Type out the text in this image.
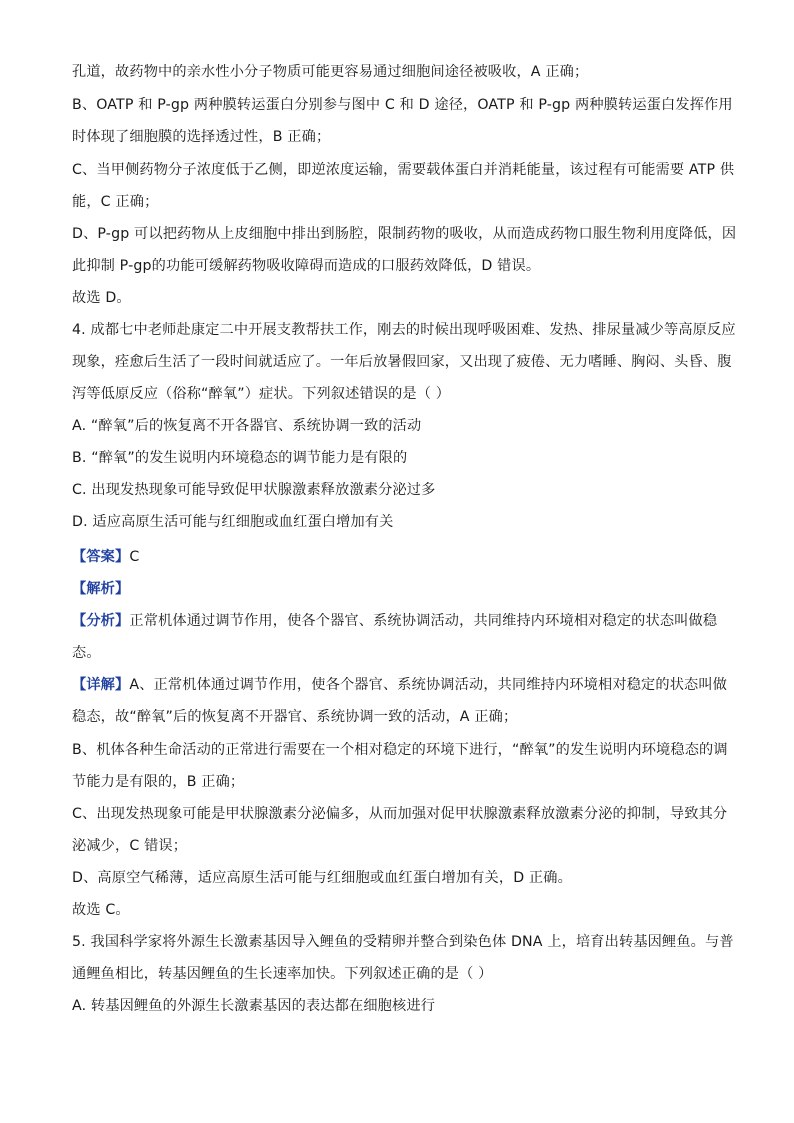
孔道，故药物中的亲水性小分子物质可能更容易通过细胞间途径被吸收，A 正确；
B、OATP 和 P-gp 两种膜转运蛋白分别参与图中 C 和 D 途径，OATP 和 P-gp 两种膜转运蛋白发挥作用
时体现了细胞膜的选择透过性，B 正确；
C、当甲侧药物分子浓度低于乙侧，即逆浓度运输，需要载体蛋白并消耗能量，该过程有可能需要 ATP 供
能，C 正确；
D、P-gp 可以把药物从上皮细胞中排出到肠腔，限制药物的吸收，从而造成药物口服生物利用度降低，因
此抑制 P-gp的功能可缓解药物吸收障碍而造成的口服药效降低，D 错误。
故选 D。
4. 成都七中老师赴康定二中开展支教帮扶工作，刚去的时候出现呼吸困难、发热、排尿量减少等高原反应
现象，痊愈后生活了一段时间就适应了。一年后放暑假回家，又出现了疲倦、无力嗜睡、胸闷、头昏、腹
泻等低原反应（俗称“醉氧”）症状。下列叙述错误的是（ ）
A. “醉氧”后的恢复离不开各器官、系统协调一致的活动
B. “醉氧”的发生说明内环境稳态的调节能力是有限的
C. 出现发热现象可能导致促甲状腺激素释放激素分泌过多
D. 适应高原生活可能与红细胞或血红蛋白增加有关
【答案】C
【解析】
【分析】正常机体通过调节作用，使各个器官、系统协调活动，共同维持内环境相对稳定的状态叫做稳
态。
【详解】A、正常机体通过调节作用，使各个器官、系统协调活动，共同维持内环境相对稳定的状态叫做
稳态，故“醉氧”后的恢复离不开器官、系统协调一致的活动，A 正确；
B、机体各种生命活动的正常进行需要在一个相对稳定的环境下进行，“醉氧”的发生说明内环境稳态的调
节能力是有限的，B 正确；
C、出现发热现象可能是甲状腺激素分泌偏多，从而加强对促甲状腺激素释放激素分泌的抑制，导致其分
泌减少，C 错误；
D、高原空气稀薄，适应高原生活可能与红细胞或血红蛋白增加有关，D 正确。
故选 C。
5. 我国科学家将外源生长激素基因导入鲤鱼的受精卵并整合到染色体 DNA 上，培育出转基因鲤鱼。与普
通鲤鱼相比，转基因鲤鱼的生长速率加快。下列叙述正确的是（ ）
A. 转基因鲤鱼的外源生长激素基因的表达都在细胞核进行
